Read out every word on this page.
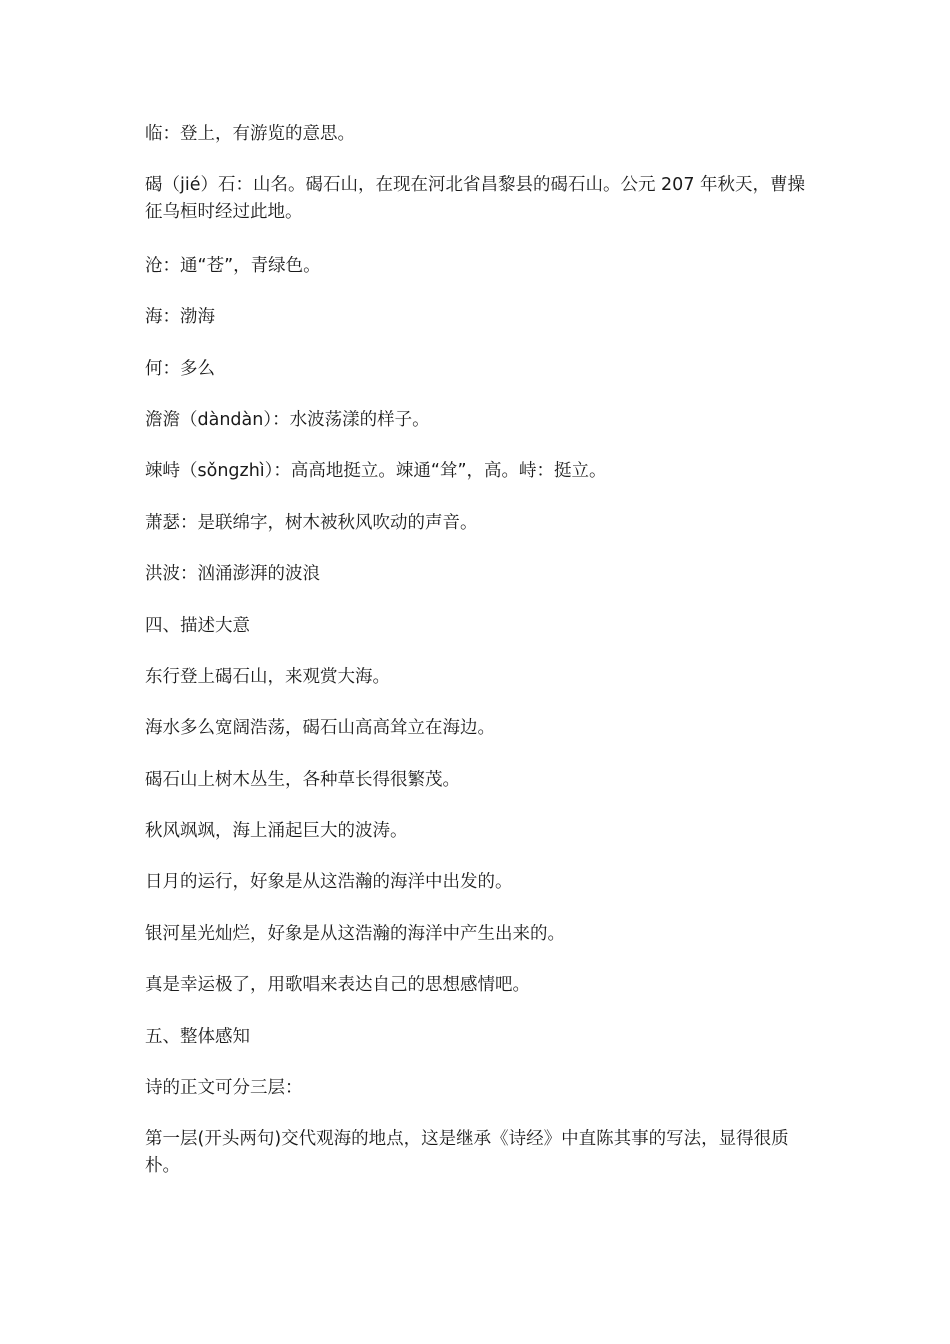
临：登上，有游览的意思。

碣（jié）石：山名。碣石山，在现在河北省昌黎县的碣石山。公元 207 年秋天，曹操征乌桓时经过此地。

沧：通“苍”，青绿色。

海：渤海

何：多么

澹澹（dàndàn）：水波荡漾的样子。

竦峙（sǒngzhì）：高高地挺立。竦通“耸”，高。峙：挺立。

萧瑟：是联绵字，树木被秋风吹动的声音。

洪波：汹涌澎湃的波浪

四、描述大意

东行登上碣石山，来观赏大海。

海水多么宽阔浩荡，碣石山高高耸立在海边。

碣石山上树木丛生，各种草长得很繁茂。

秋风飒飒，海上涌起巨大的波涛。

日月的运行，好象是从这浩瀚的海洋中出发的。

银河星光灿烂，好象是从这浩瀚的海洋中产生出来的。

真是幸运极了，用歌唱来表达自己的思想感情吧。

五、整体感知

诗的正文可分三层：

第一层(开头两句)交代观海的地点，这是继承《诗经》中直陈其事的写法，显得很质朴。
